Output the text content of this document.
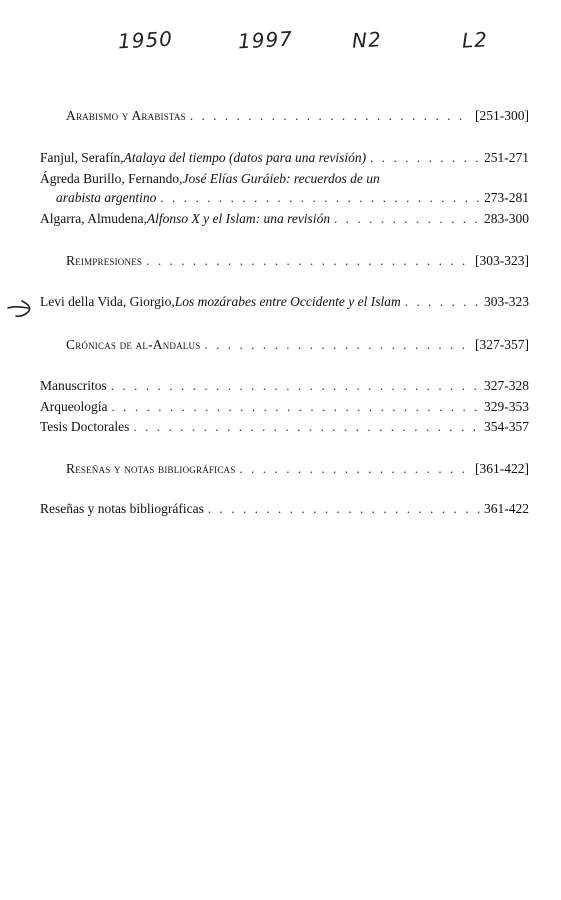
1950	1997	N2	L2
Arabismo y Arabistas . . .	[251-300]
Fanjul, Serafín, Atalaya del tiempo (datos para una revisión) . . .	251-271
Ágreda Burillo, Fernando, José Elías Guráieb: recuerdos de un
arabista argentino . . .	273-281
Algarra, Almudena, Alfonso X y el Islam: una revisión . . .	283-300
Reimpresiones . . .	[303-323]
Levi della Vida, Giorgio, Los mozárabes entre Occidente y el Islam . . .	303-323
Crónicas de al-Andalus . . .	[327-357]
Manuscritos . . .	327-328
Arqueología . . .	329-353
Tesis Doctorales . . .	354-357
Reseñas y notas bibliográficas . . .	[361-422]
Reseñas y notas bibliográficas . . .	361-422
